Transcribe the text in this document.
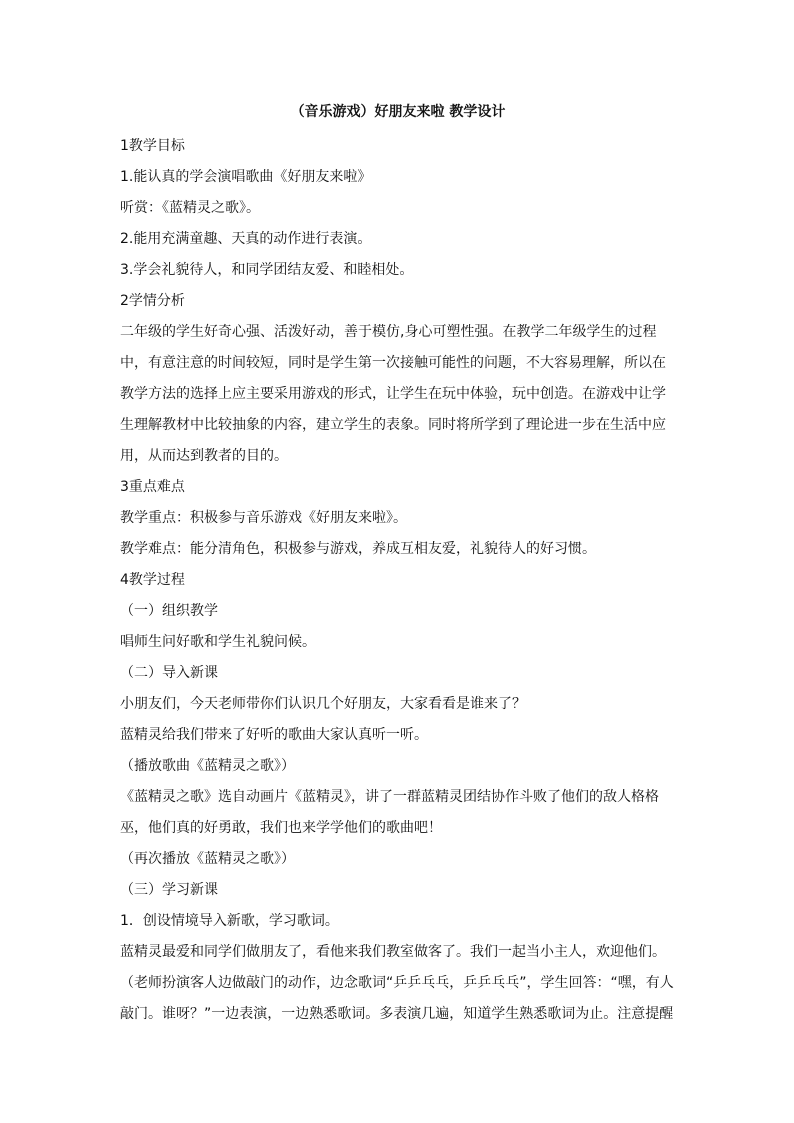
（音乐游戏）好朋友来啦 教学设计

1教学目标

1.能认真的学会演唱歌曲《好朋友来啦》

听赏：《蓝精灵之歌》。

2.能用充满童趣、天真的动作进行表演。

3.学会礼貌待人，和同学团结友爱、和睦相处。

2学情分析

二年级的学生好奇心强、活泼好动，善于模仿,身心可塑性强。在教学二年级学生的过程中，有意注意的时间较短，同时是学生第一次接触可能性的问题，不大容易理解，所以在教学方法的选择上应主要采用游戏的形式，让学生在玩中体验，玩中创造。在游戏中让学生理解教材中比较抽象的内容，建立学生的表象。同时将所学到了理论进一步在生活中应用，从而达到教者的目的。

3重点难点

教学重点：积极参与音乐游戏《好朋友来啦》。

教学难点：能分清角色，积极参与游戏，养成互相友爱，礼貌待人的好习惯。

4教学过程

（一）组织教学

唱师生问好歌和学生礼貌问候。

（二）导入新课

小朋友们，今天老师带你们认识几个好朋友，大家看看是谁来了？

蓝精灵给我们带来了好听的歌曲大家认真听一听。

（播放歌曲《蓝精灵之歌》）

《蓝精灵之歌》选自动画片《蓝精灵》，讲了一群蓝精灵团结协作斗败了他们的敌人格格巫，他们真的好勇敢，我们也来学学他们的歌曲吧！

（再次播放《蓝精灵之歌》）

（三）学习新课

1．创设情境导入新歌，学习歌词。

蓝精灵最爱和同学们做朋友了，看他来我们教室做客了。我们一起当小主人，欢迎他们。

（老师扮演客人边做敲门的动作，边念歌词“乒乒乓乓，乒乒乓乓”，学生回答：“嘿，有人敲门。谁呀？”一边表演，一边熟悉歌词。多表演几遍，知道学生熟悉歌词为止。注意提醒
